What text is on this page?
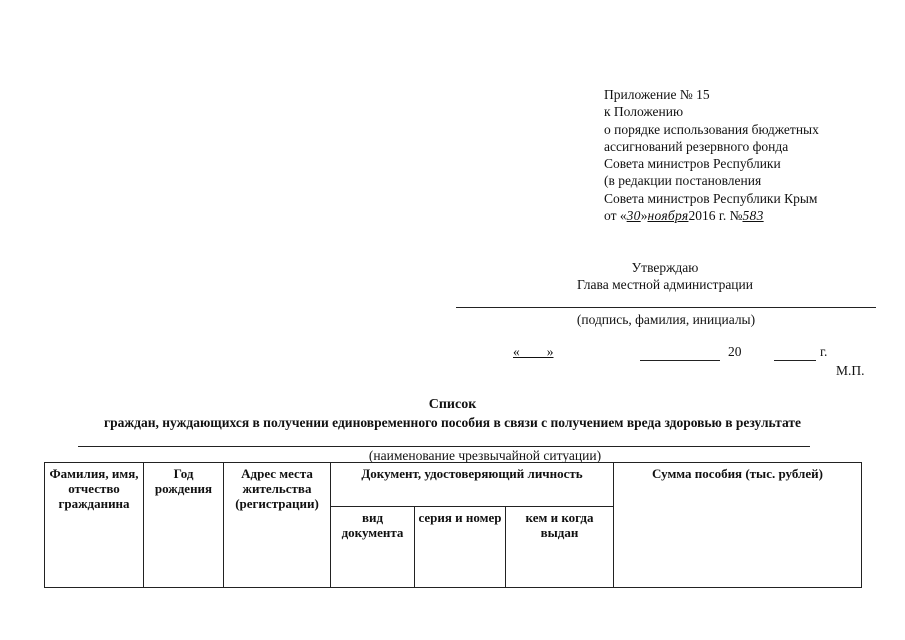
Приложение № 15
к Положению
о порядке использования бюджетных
ассигнований резервного фонда
Совета министров Республики
(в редакции постановления
Совета министров Республики Крым
от «30»ноября2016 г. №583
Утверждаю
Глава местной администрации
(подпись, фамилия, инициалы)
«        »	20	г.
М.П.
Список
граждан, нуждающихся в получении единовременного пособия в связи с получением вреда здоровью в результате
(наименование чрезвычайной ситуации)
Фамилия, имя, отчество гражданина	Год рождения	Адрес места жительства (регистрации)	Документ, удостоверяющий личность			Сумма пособия (тыс. рублей)
			вид документа	серия и номер	кем и когда выдан	
